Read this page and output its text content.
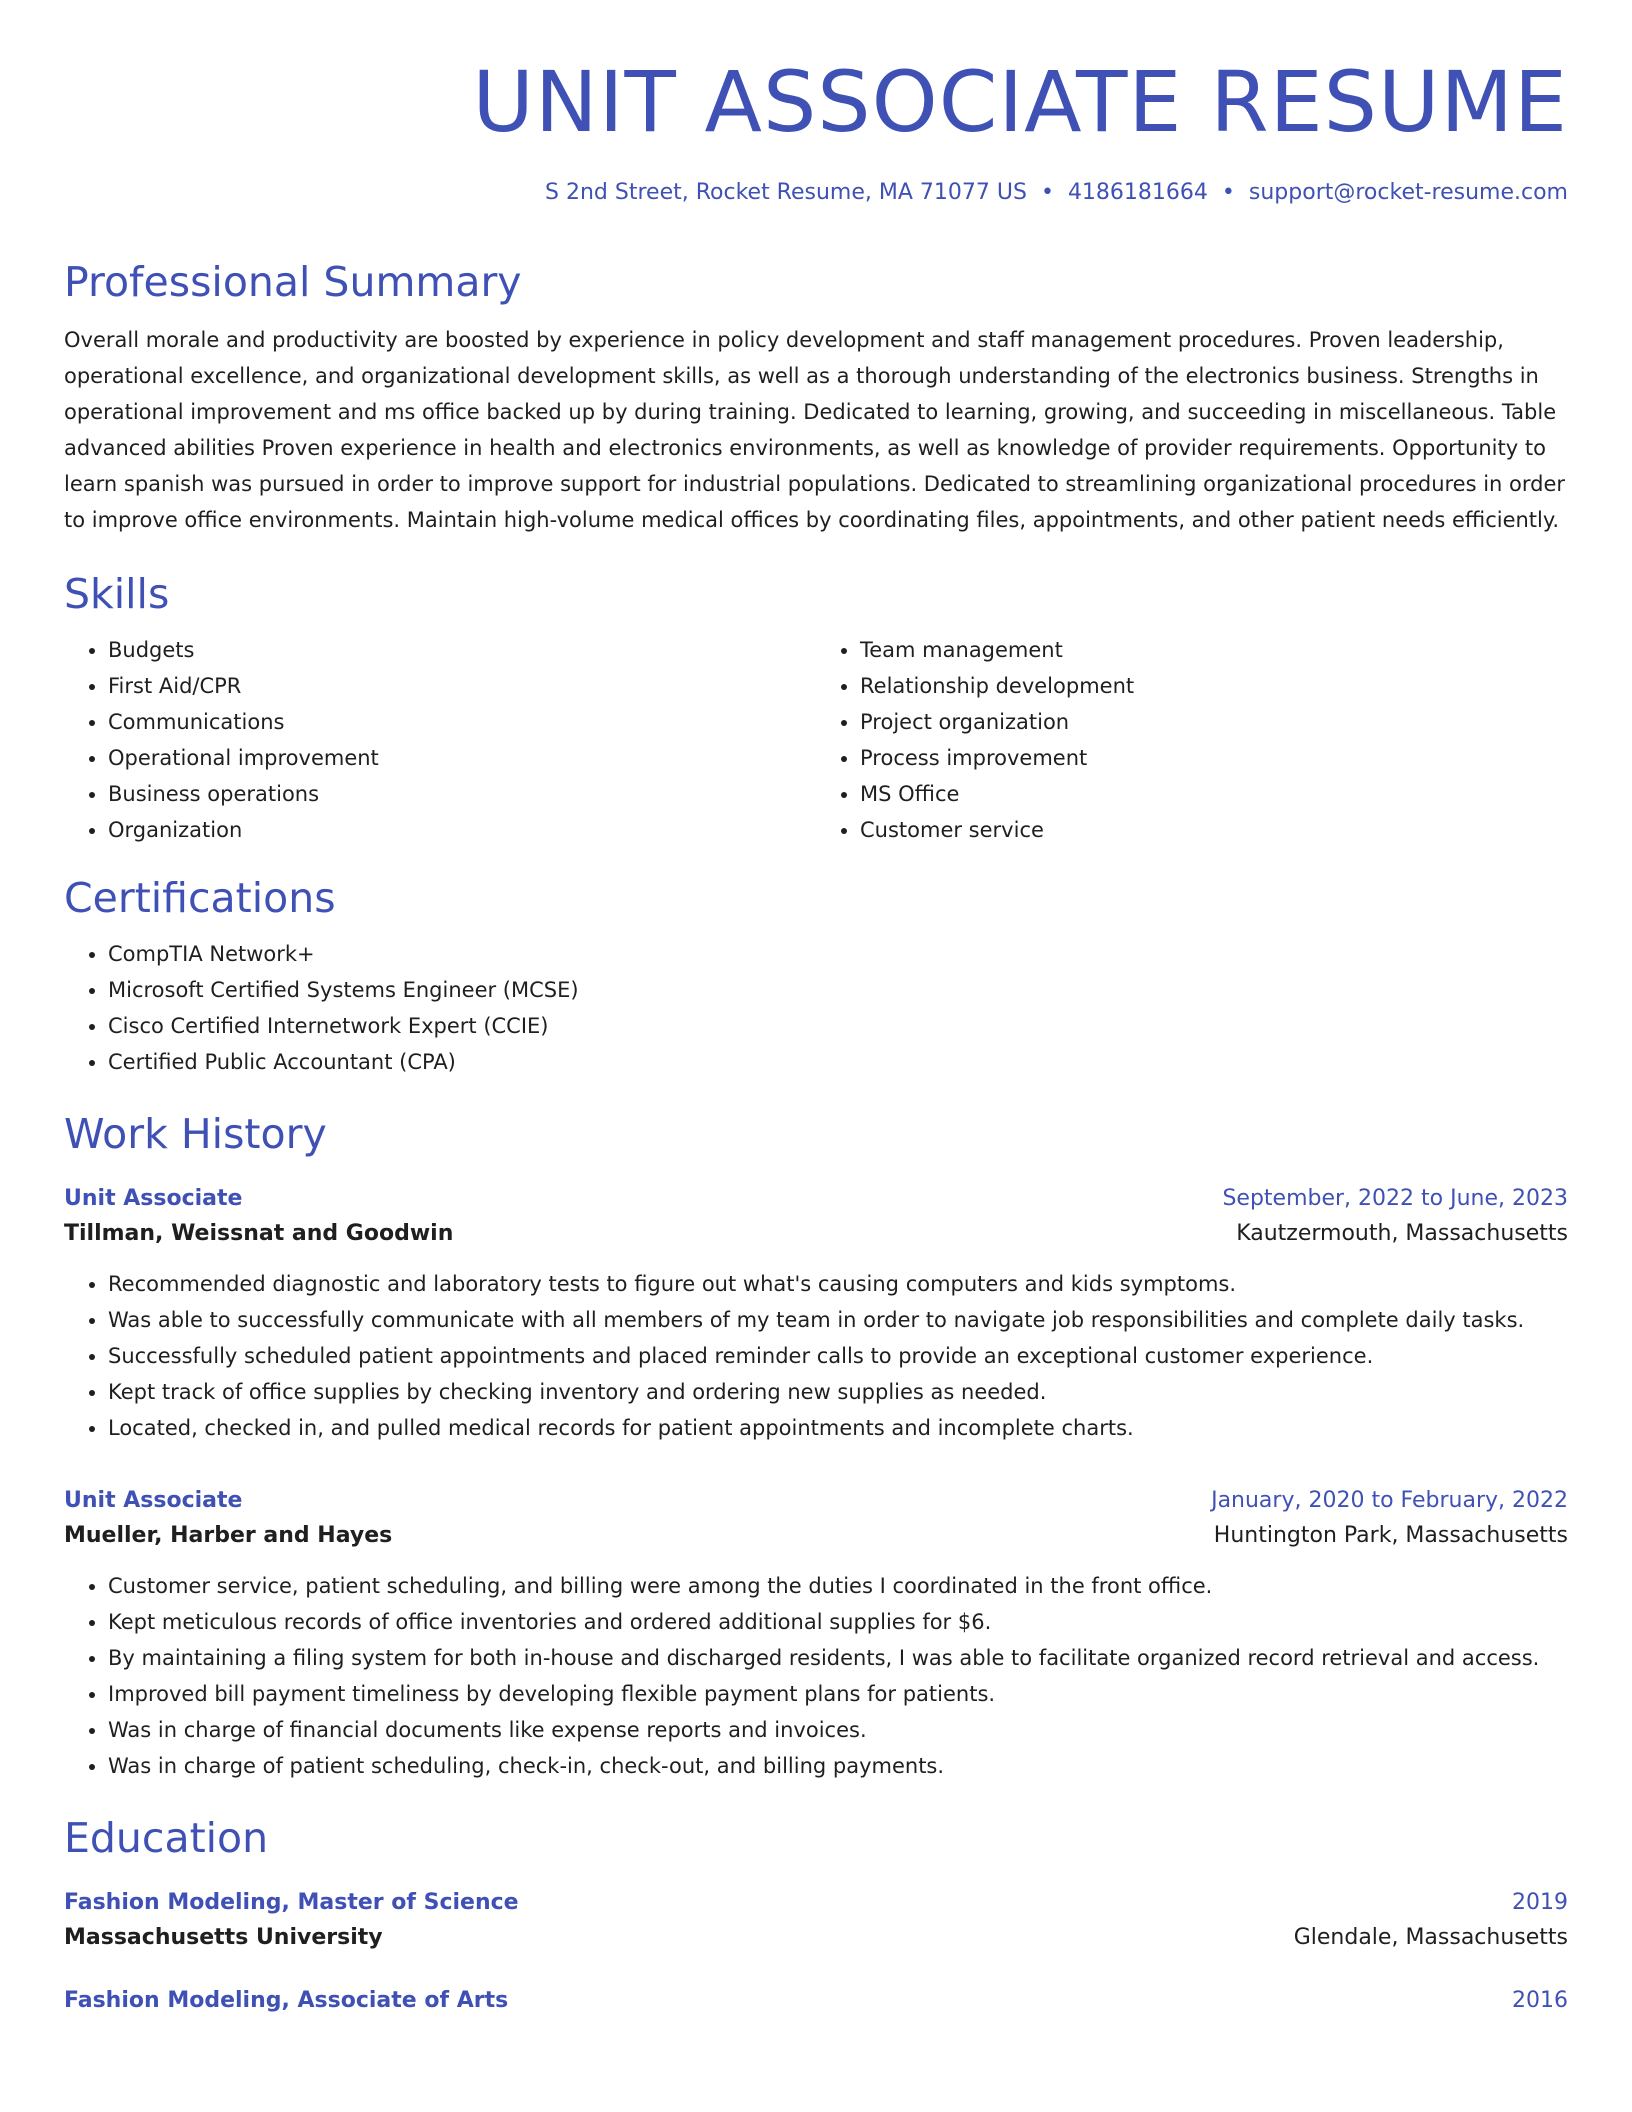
UNIT ASSOCIATE RESUME
S 2nd Street, Rocket Resume, MA 71077 US • 4186181664 • support@rocket-resume.com
Professional Summary
Overall morale and productivity are boosted by experience in policy development and staff management procedures. Proven leadership, operational excellence, and organizational development skills, as well as a thorough understanding of the electronics business. Strengths in operational improvement and ms office backed up by during training. Dedicated to learning, growing, and succeeding in miscellaneous. Table advanced abilities Proven experience in health and electronics environments, as well as knowledge of provider requirements. Opportunity to learn spanish was pursued in order to improve support for industrial populations. Dedicated to streamlining organizational procedures in order to improve office environments. Maintain high-volume medical offices by coordinating files, appointments, and other patient needs efficiently.
Skills
• Budgets
• First Aid/CPR
• Communications
• Operational improvement
• Business operations
• Organization
• Team management
• Relationship development
• Project organization
• Process improvement
• MS Office
• Customer service
Certifications
• CompTIA Network+
• Microsoft Certified Systems Engineer (MCSE)
• Cisco Certified Internetwork Expert (CCIE)
• Certified Public Accountant (CPA)
Work History
Unit Associate	September, 2022 to June, 2023
Tillman, Weissnat and Goodwin	Kautzermouth, Massachusetts
• Recommended diagnostic and laboratory tests to figure out what's causing computers and kids symptoms.
• Was able to successfully communicate with all members of my team in order to navigate job responsibilities and complete daily tasks.
• Successfully scheduled patient appointments and placed reminder calls to provide an exceptional customer experience.
• Kept track of office supplies by checking inventory and ordering new supplies as needed.
• Located, checked in, and pulled medical records for patient appointments and incomplete charts.
Unit Associate	January, 2020 to February, 2022
Mueller, Harber and Hayes	Huntington Park, Massachusetts
• Customer service, patient scheduling, and billing were among the duties I coordinated in the front office.
• Kept meticulous records of office inventories and ordered additional supplies for $6.
• By maintaining a filing system for both in-house and discharged residents, I was able to facilitate organized record retrieval and access.
• Improved bill payment timeliness by developing flexible payment plans for patients.
• Was in charge of financial documents like expense reports and invoices.
• Was in charge of patient scheduling, check-in, check-out, and billing payments.
Education
Fashion Modeling, Master of Science	2019
Massachusetts University	Glendale, Massachusetts
Fashion Modeling, Associate of Arts	2016
